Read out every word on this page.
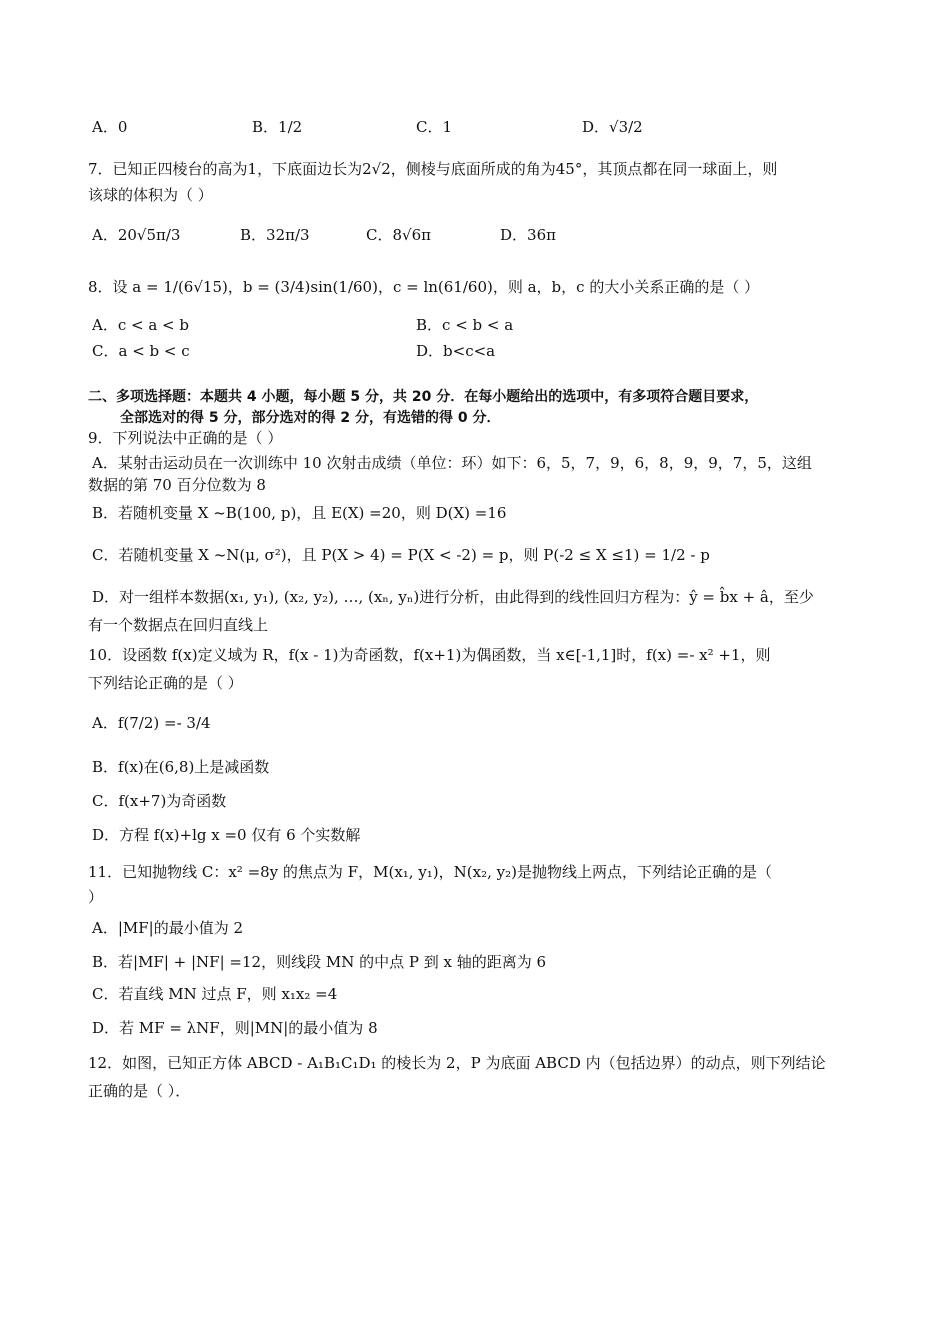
A．0	B．1/2	C．1	D．√3/2
7．已知正四棱台的高为1，下底面边长为2√2，侧棱与底面所成的角为45°，其顶点都在同一球面上，则
该球的体积为（ ）
A．20√5π/3	B．32π/3	C．8√6π	D．36π
8．设 a = 1/(6√15)，b = (3/4)sin(1/60)，c = ln(61/60)，则 a，b，c 的大小关系正确的是（ ）
A．c < a < b	B．c < b < a
C．a < b < c	D．b<c<a
二、多项选择题：本题共 4 小题，每小题 5 分，共 20 分．在每小题给出的选项中，有多项符合题目要求，
全部选对的得 5 分，部分选对的得 2 分，有选错的得 0 分．
9．下列说法中正确的是（ ）
A．某射击运动员在一次训练中 10 次射击成绩（单位：环）如下：6，5，7，9，6，8，9，9，7，5，这组
数据的第 70 百分位数为 8
B．若随机变量 X ~B(100, p)，且 E(X) =20，则 D(X) =16
C．若随机变量 X ~N(μ, σ²)，且 P(X > 4) = P(X < -2) = p，则 P(-2 ≤ X ≤1) = 1/2 - p
D．对一组样本数据(x₁, y₁), (x₂, y₂), …, (xₙ, yₙ)进行分析，由此得到的线性回归方程为：ŷ = b̂x + â，至少
有一个数据点在回归直线上
10．设函数 f(x)定义域为 R，f(x - 1)为奇函数，f(x+1)为偶函数，当 x∈[-1,1]时，f(x) =- x² +1，则
下列结论正确的是（ ）
A．f(7/2) =- 3/4
B．f(x)在(6,8)上是减函数
C．f(x+7)为奇函数
D．方程 f(x)+lg x =0 仅有 6 个实数解
11．已知抛物线 C：x² =8y 的焦点为 F，M(x₁, y₁)，N(x₂, y₂)是抛物线上两点，下列结论正确的是（
）
A．|MF|的最小值为 2
B．若|MF| + |NF| =12，则线段 MN 的中点 P 到 x 轴的距离为 6
C．若直线 MN 过点 F，则 x₁x₂ =4
D．若 MF = λNF，则|MN|的最小值为 8
12．如图，已知正方体 ABCD - A₁B₁C₁D₁ 的棱长为 2，P 为底面 ABCD 内（包括边界）的动点，则下列结论
正确的是（ ）．
